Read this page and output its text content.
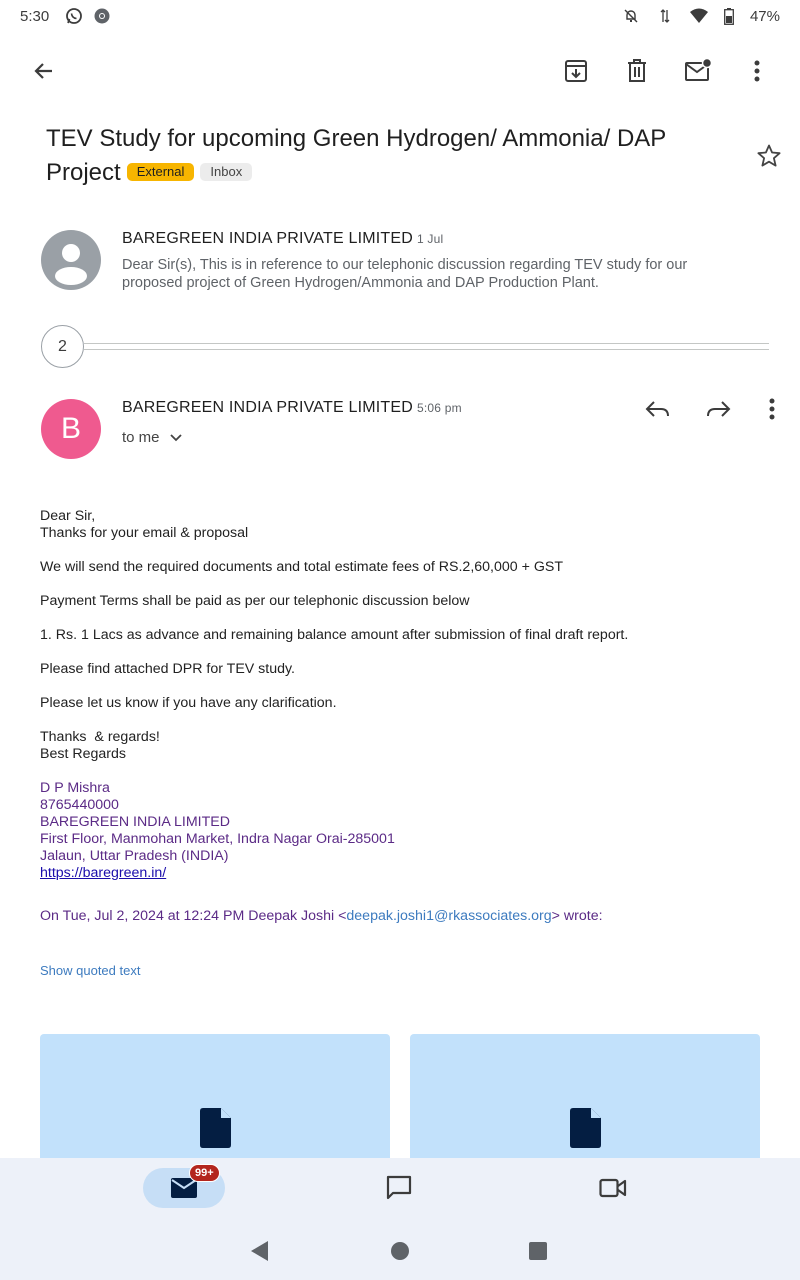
5:30	47%
TEV Study for upcoming Green Hydrogen/ Ammonia/ DAP Project External Inbox
BAREGREEN INDIA PRIVATE LIMITED 1 Jul
Dear Sir(s), This is in reference to our telephonic discussion regarding TEV study for our proposed project of Green Hydrogen/Ammonia and DAP Production Plant.
2
B
BAREGREEN INDIA PRIVATE LIMITED 5:06 pm
to me

Dear Sir,
Thanks for your email & proposal

We will send the required documents and total estimate fees of RS.2,60,000 + GST

Payment Terms shall be paid as per our telephonic discussion below

1. Rs. 1 Lacs as advance and remaining balance amount after submission of final draft report.

Please find attached DPR for TEV study.

Please let us know if you have any clarification.

Thanks  & regards!
Best Regards

D P Mishra
8765440000
BAREGREEN INDIA LIMITED
First Floor, Manmohan Market, Indra Nagar Orai-285001
Jalaun, Uttar Pradesh (INDIA)
https://baregreen.in/

On Tue, Jul 2, 2024 at 12:24 PM Deepak Joshi <deepak.joshi1@rkassociates.org> wrote:

Show quoted text
99+
